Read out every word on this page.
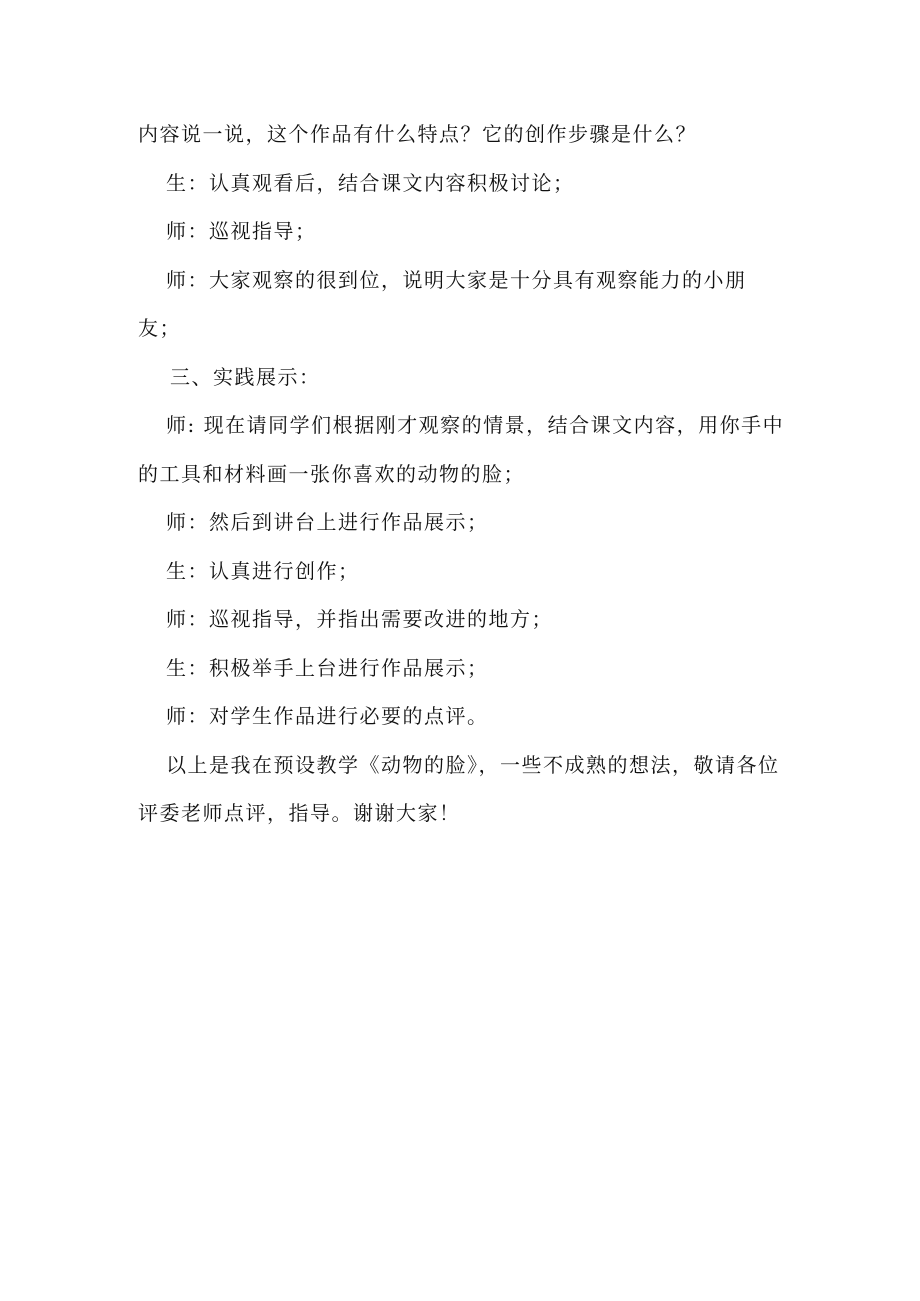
内容说一说，这个作品有什么特点？它的创作步骤是什么？

生：认真观看后，结合课文内容积极讨论；

师：巡视指导；

师：大家观察的很到位，说明大家是十分具有观察能力的小朋友；

三、实践展示：

师: 现在请同学们根据刚才观察的情景，结合课文内容，用你手中的工具和材料画一张你喜欢的动物的脸；

师：然后到讲台上进行作品展示；

生：认真进行创作；

师：巡视指导，并指出需要改进的地方；

生：积极举手上台进行作品展示；

师：对学生作品进行必要的点评。

以上是我在预设教学《动物的脸》，一些不成熟的想法，敬请各位评委老师点评，指导。谢谢大家！
